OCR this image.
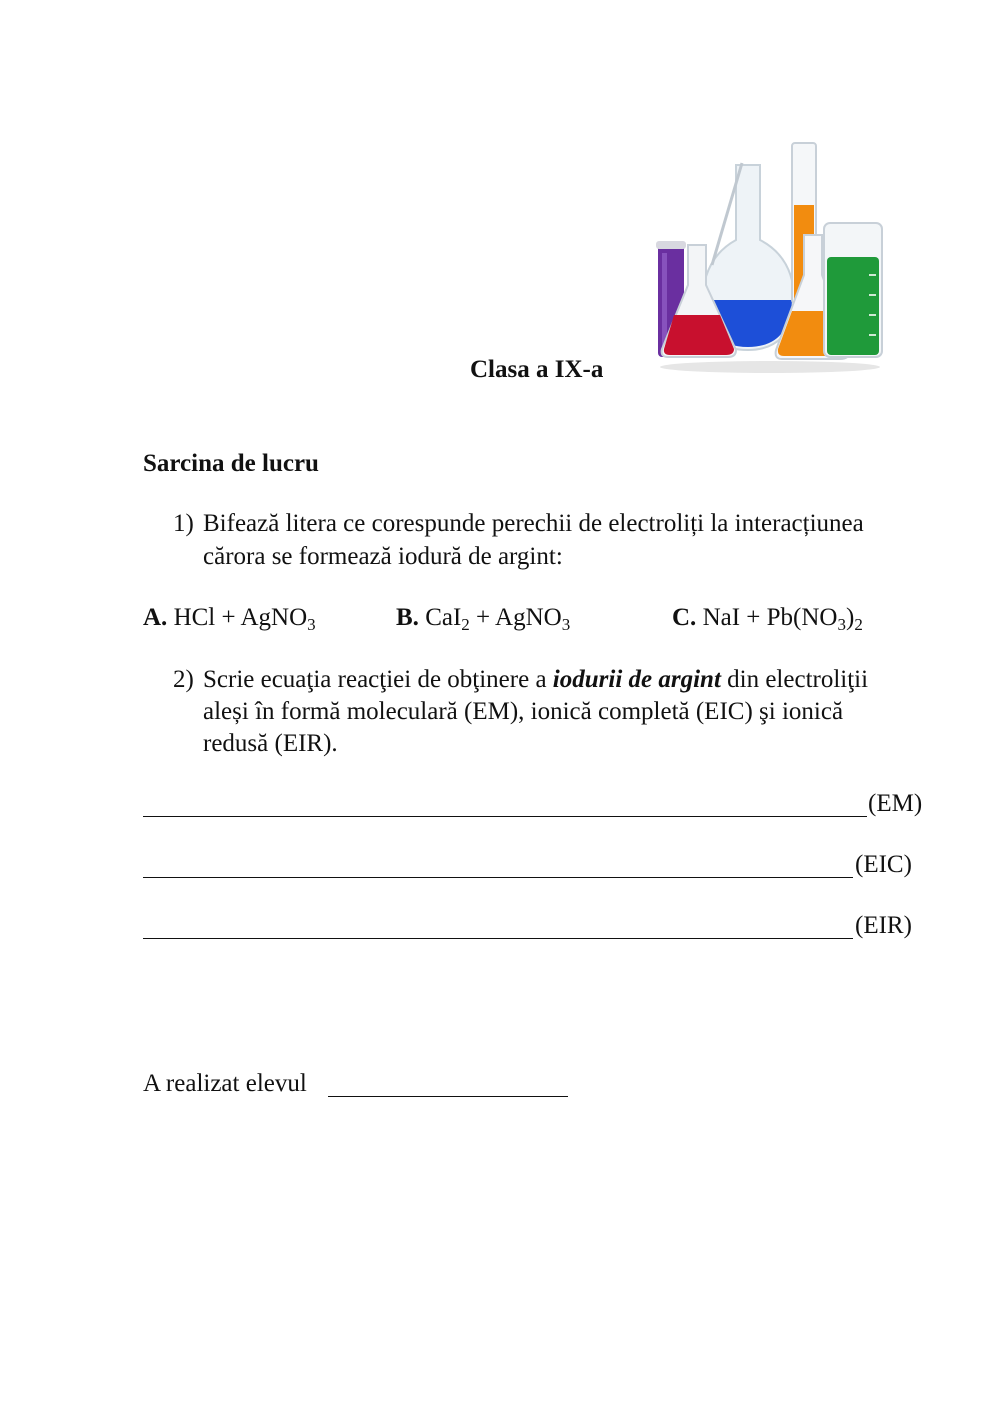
Clasa a IX-a
Sarcina de lucru
1) Bifează litera ce corespunde perechii de electroliți la interacțiunea
cărora se formează iodură de argint:
A. HCl + AgNO$_3$	B. CaI$_2$ + AgNO$_3$	C. NaI + $Pb(NO_3)_2$
2) Scrie ecuaţia reacţiei de obţinere a iodurii de argint din electroliţii
aleși în formă moleculară (EM), ionică completă (EIC) şi ionică
redusă (EIR).
(EM)
(EIC)
(EIR)
A realizat elevul
